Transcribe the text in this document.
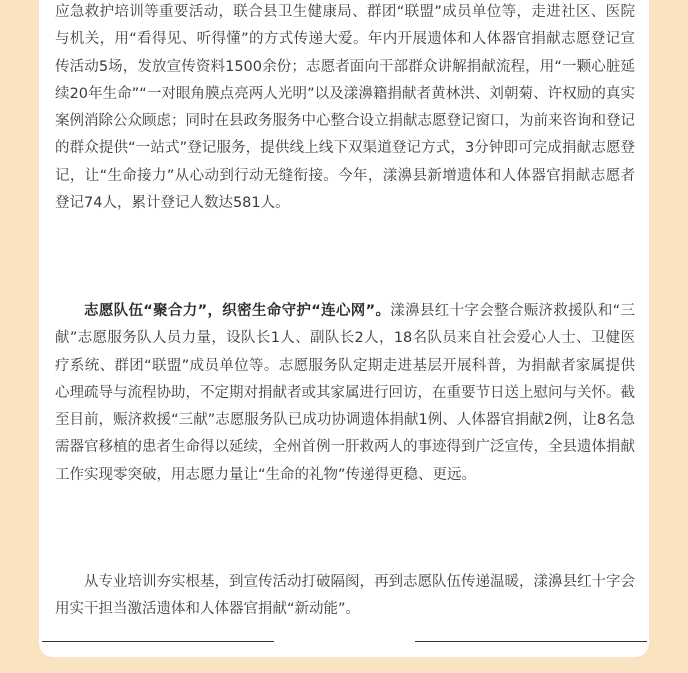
应急救护培训等重要活动，联合县卫生健康局、群团“联盟”成员单位等，走进社区、医院与机关，用“看得见、听得懂”的方式传递大爱。年内开展遗体和人体器官捐献志愿登记宣传活动5场，发放宣传资料1500余份；志愿者面向干部群众讲解捐献流程，用“一颗心脏延续20年生命”“一对眼角膜点亮两人光明”以及漾濞籍捐献者黄林洪、刘朝菊、许权励的真实案例消除公众顾虑；同时在县政务服务中心整合设立捐献志愿登记窗口，为前来咨询和登记的群众提供“一站式”登记服务，提供线上线下双渠道登记方式，3分钟即可完成捐献志愿登记，让“生命接力”从心动到行动无缝衔接。今年，漾濞县新增遗体和人体器官捐献志愿者登记74人，累计登记人数达581人。

志愿队伍“聚合力”，织密生命守护“连心网”。漾濞县红十字会整合赈济救援队和“三献”志愿服务队人员力量，设队长1人、副队长2人，18名队员来自社会爱心人士、卫健医疗系统、群团“联盟”成员单位等。志愿服务队定期走进基层开展科普，为捐献者家属提供心理疏导与流程协助，不定期对捐献者或其家属进行回访，在重要节日送上慰问与关怀。截至目前，赈济救援“三献”志愿服务队已成功协调遗体捐献1例、人体器官捐献2例，让8名急需器官移植的患者生命得以延续，全州首例一肝救两人的事迹得到广泛宣传，全县遗体捐献工作实现零突破，用志愿力量让“生命的礼物”传递得更稳、更远。

从专业培训夯实根基，到宣传活动打破隔阂，再到志愿队伍传递温暖，漾濞县红十字会用实干担当激活遗体和人体器官捐献“新动能”。
